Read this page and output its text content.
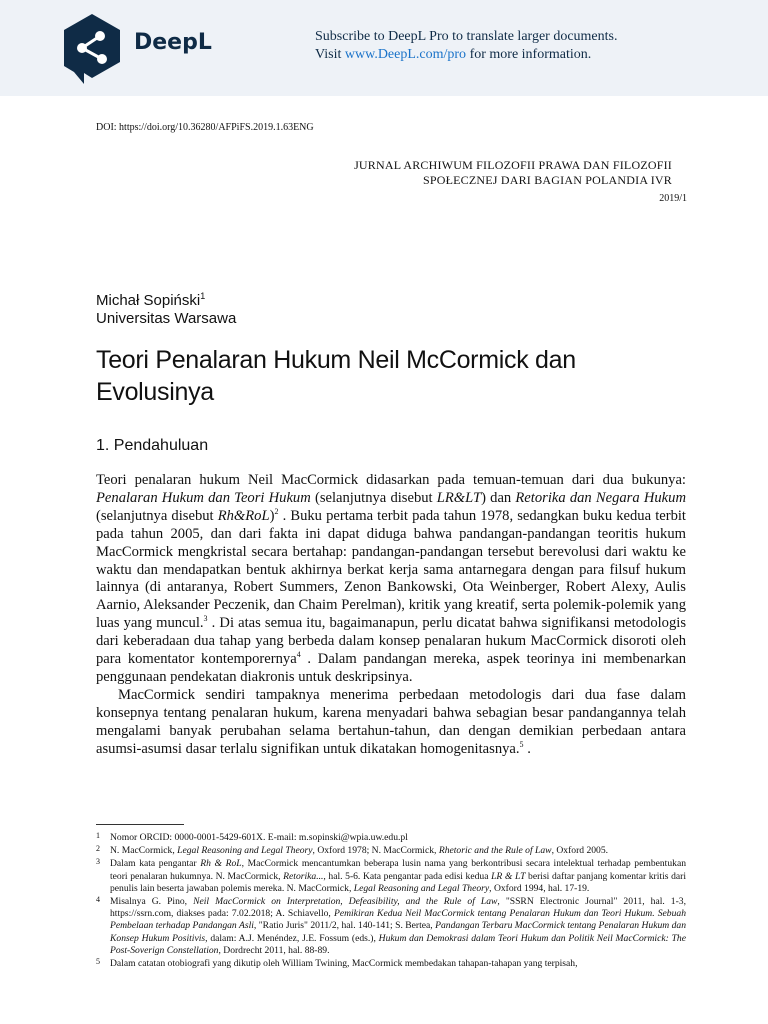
DeepL	Subscribe to DeepL Pro to translate larger documents.
Visit www.DeepL.com/pro for more information.
DOI: https://doi.org/10.36280/AFPiFS.2019.1.63ENG
JURNAL ARCHIWUM FILOZOFII PRAWA DAN FILOZOFII
SPOŁECZNEJ DARI BAGIAN POLANDIA IVR
2019/1
Michał Sopiński$^1$
Universitas Warsawa
Teori Penalaran Hukum Neil McCormick dan Evolusinya
1. Pendahuluan

Teori penalaran hukum Neil MacCormick didasarkan pada temuan-temuan dari dua bukunya: Penalaran Hukum dan Teori Hukum (selanjutnya disebut LR&LT) dan Retorika dan Negara Hukum (selanjutnya disebut Rh&RoL)$^2$ . Buku pertama terbit pada tahun 1978, sedangkan buku kedua terbit pada tahun 2005, dan dari fakta ini dapat diduga bahwa pandangan-pandangan teoritis hukum MacCormick mengkristal secara bertahap: pandangan-pandangan tersebut berevolusi dari waktu ke waktu dan mendapatkan bentuk akhirnya berkat kerja sama antarnegara dengan para filsuf hukum lainnya (di antaranya, Robert Summers, Zenon Bankowski, Ota Weinberger, Robert Alexy, Aulis Aarnio, Aleksander Peczenik, dan Chaim Perelman), kritik yang kreatif, serta polemik-polemik yang luas yang muncul.$^3$ . Di atas semua itu, bagaimanapun, perlu dicatat bahwa signifikansi metodologis dari keberadaan dua tahap yang berbeda dalam konsep penalaran hukum MacCormick disoroti oleh para komentator kontemporernya$^4$ . Dalam pandangan mereka, aspek teorinya ini membenarkan penggunaan pendekatan diakronis untuk deskripsinya.

MacCormick sendiri tampaknya menerima perbedaan metodologis dari dua fase dalam konsepnya tentang penalaran hukum, karena menyadari bahwa sebagian besar pandangannya telah mengalami banyak perubahan selama bertahun-tahun, dan dengan demikian perbedaan antara asumsi-asumsi dasar terlalu signifikan untuk dikatakan homogenitasnya.$^5$ .

1 Nomor ORCID: 0000-0001-5429-601X. E-mail: m.sopinski@wpia.uw.edu.pl
2 N. MacCormick, Legal Reasoning and Legal Theory, Oxford 1978; N. MacCormick, Rhetoric and the Rule of Law, Oxford 2005.
3 Dalam kata pengantar Rh & RoL, MacCormick mencantumkan beberapa lusin nama yang berkontribusi secara intelektual terhadap pembentukan teori penalaran hukumnya. N. MacCormick, Retorika..., hal. 5-6. Kata pengantar pada edisi kedua LR & LT berisi daftar panjang komentar kritis dari penulis lain beserta jawaban polemis mereka. N. MacCormick, Legal Reasoning and Legal Theory, Oxford 1994, hal. 17-19.
4 Misalnya G. Pino, Neil MacCormick on Interpretation, Defeasibility, and the Rule of Law, "SSRN Electronic Journal" 2011, hal. 1-3, https://ssrn.com, diakses pada: 7.02.2018; A. Schiavello, Pemikiran Kedua Neil MacCormick tentang Penalaran Hukum dan Teori Hukum. Sebuah Pembelaan terhadap Pandangan Asli, "Ratio Juris" 2011/2, hal. 140-141; S. Bertea, Pandangan Terbaru MacCormick tentang Penalaran Hukum dan Konsep Hukum Positivis, dalam: A.J. Menéndez, J.E. Fossum (eds.), Hukum dan Demokrasi dalam Teori Hukum dan Politik Neil MacCormick: The Post-Soverign Constellation, Dordrecht 2011, hal. 88-89.
5 Dalam catatan otobiografi yang dikutip oleh William Twining, MacCormick membedakan tahapan-tahapan yang terpisah,
